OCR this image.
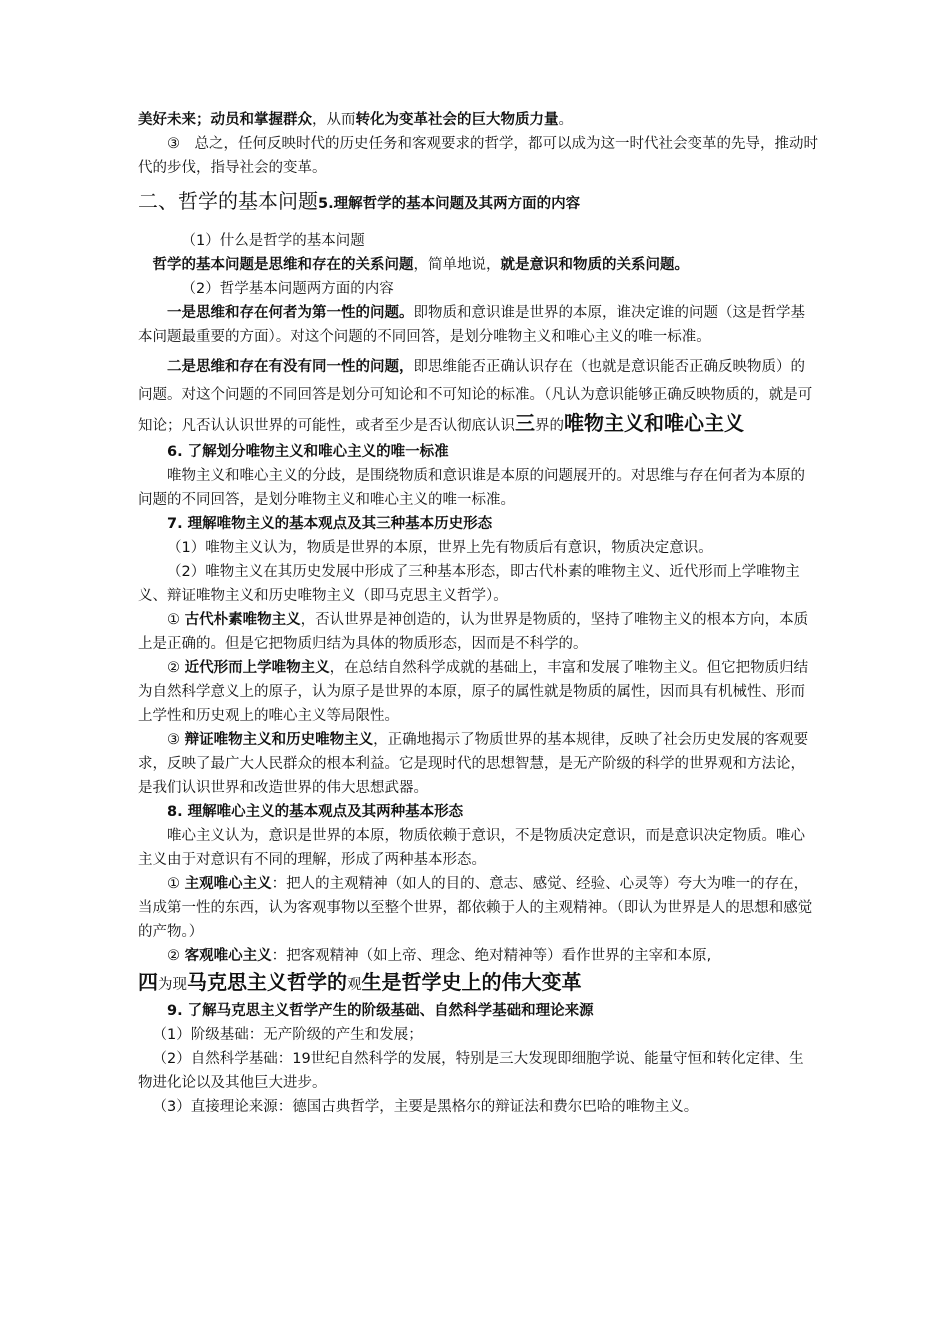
美好未来；动员和掌握群众，从而转化为变革社会的巨大物质力量。

③　总之，任何反映时代的历史任务和客观要求的哲学，都可以成为这一时代社会变革的先导，推动时代的步伐，指导社会的变革。

二、哲学的基本问题5.理解哲学的基本问题及其两方面的内容

（1）什么是哲学的基本问题

哲学的基本问题是思维和存在的关系问题，简单地说，就是意识和物质的关系问题。

（2）哲学基本问题两方面的内容

一是思维和存在何者为第一性的问题。即物质和意识谁是世界的本原，谁决定谁的问题（这是哲学基本问题最重要的方面）。对这个问题的不同回答，是划分唯物主义和唯心主义的唯一标准。

二是思维和存在有没有同一性的问题，即思维能否正确认识存在（也就是意识能否正确反映物质）的问题。对这个问题的不同回答是划分可知论和不可知论的标准。（凡认为意识能够正确反映物质的，就是可知论；凡否认认识世界的可能性，或者至少是否认彻底认识三界的唯物主义和唯心主义

6. 了解划分唯物主义和唯心主义的唯一标准

唯物主义和唯心主义的分歧，是围绕物质和意识谁是本原的问题展开的。对思维与存在何者为本原的问题的不同回答，是划分唯物主义和唯心主义的唯一标准。

7. 理解唯物主义的基本观点及其三种基本历史形态

（1）唯物主义认为，物质是世界的本原，世界上先有物质后有意识，物质决定意识。

（2）唯物主义在其历史发展中形成了三种基本形态，即古代朴素的唯物主义、近代形而上学唯物主义、辩证唯物主义和历史唯物主义（即马克思主义哲学）。

① 古代朴素唯物主义，否认世界是神创造的，认为世界是物质的，坚持了唯物主义的根本方向，本质上是正确的。但是它把物质归结为具体的物质形态，因而是不科学的。

② 近代形而上学唯物主义，在总结自然科学成就的基础上，丰富和发展了唯物主义。但它把物质归结为自然科学意义上的原子，认为原子是世界的本原，原子的属性就是物质的属性，因而具有机械性、形而上学性和历史观上的唯心主义等局限性。

③ 辩证唯物主义和历史唯物主义，正确地揭示了物质世界的基本规律，反映了社会历史发展的客观要求，反映了最广大人民群众的根本利益。它是现时代的思想智慧，是无产阶级的科学的世界观和方法论，是我们认识世界和改造世界的伟大思想武器。

8. 理解唯心主义的基本观点及其两种基本形态

唯心主义认为，意识是世界的本原，物质依赖于意识，不是物质决定意识，而是意识决定物质。唯心主义由于对意识有不同的理解，形成了两种基本形态。

① 主观唯心主义：把人的主观精神（如人的目的、意志、感觉、经验、心灵等）夸大为唯一的存在，当成第一性的东西，认为客观事物以至整个世界，都依赖于人的主观精神。（即认为世界是人的思想和感觉的产物。）

② 客观唯心主义：把客观精神（如上帝、理念、绝对精神等）看作世界的主宰和本原,

四为现马克思主义哲学的观生是哲学史上的伟大变革

9. 了解马克思主义哲学产生的阶级基础、自然科学基础和理论来源

（1）阶级基础：无产阶级的产生和发展；

（2）自然科学基础：19世纪自然科学的发展，特别是三大发现即细胞学说、能量守恒和转化定律、生物进化论以及其他巨大进步。

（3）直接理论来源：德国古典哲学，主要是黑格尔的辩证法和费尔巴哈的唯物主义。
